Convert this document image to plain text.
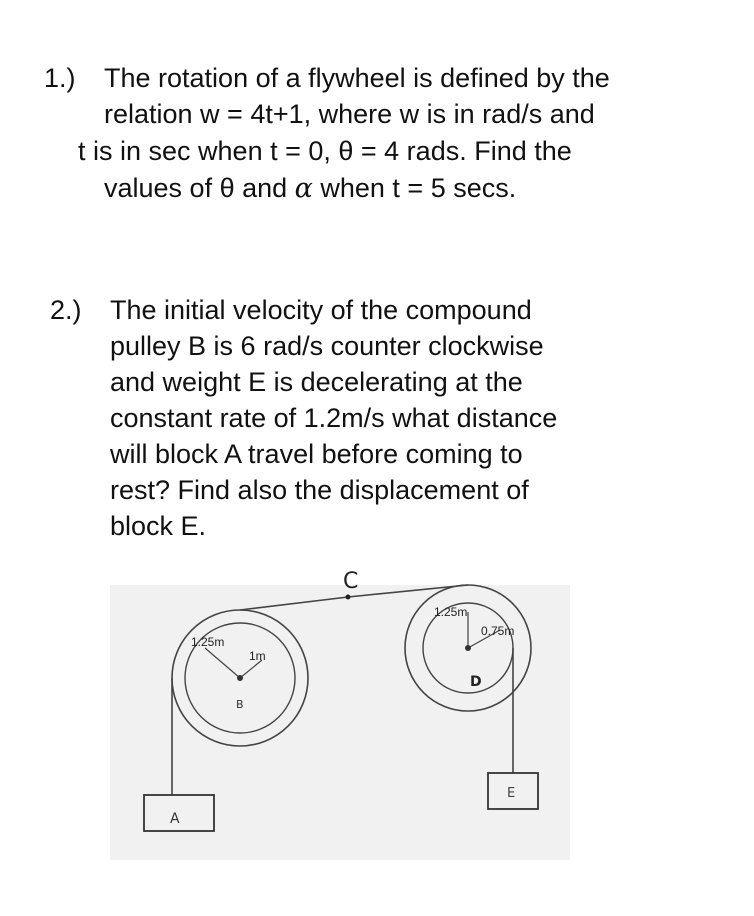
1.) The rotation of a flywheel is defined by the
relation w = 4t+1, where w is in rad/s and
t is in sec when t = 0, θ = 4 rads. Find the
values of θ and α when t = 5 secs.
2.) The initial velocity of the compound
pulley B is 6 rad/s counter clockwise
and weight E is decelerating at the
constant rate of 1.2m/s what distance
will block A travel before coming to
rest? Find also the displacement of
block E.
C
1.25m
1m
B
1.25m
0.75m
D
A
E
